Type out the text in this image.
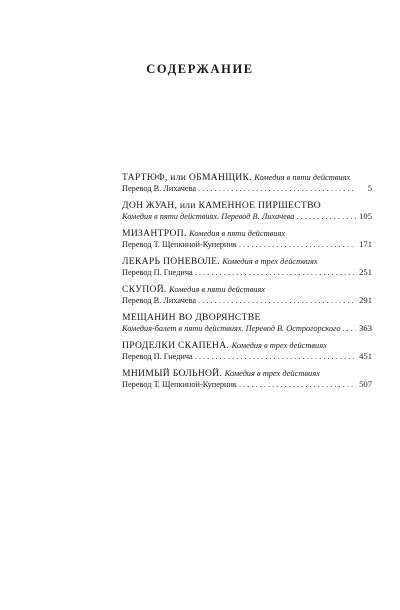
СОДЕРЖАНИЕ
ТАРТЮФ, или ОБМАНЩИК. Комедия в пяти действиях
Перевод В. Лихачева . . .	5
ДОН ЖУАН, или КАМЕННОЕ ПИРШЕСТВО
Комедия в пяти действиях. Перевод В. Лихачева . . .	105
МИЗАНТРОП. Комедия в пяти действиях
Перевод Т. Щепкиной-Куперник . . .	171
ЛЕКАРЬ ПОНЕВОЛЕ. Комедия в трех действиях
Перевод П. Гнедича . . .	251
СКУПОЙ. Комедия в пяти действиях
Перевод В. Лихачева . . .	291
МЕЩАНИН ВО ДВОРЯНСТВЕ
Комедия-балет в пяти действиях. Перевод В. Острогорского . . . 363
ПРОДЕЛКИ СКАПЕНА. Комедия в трех действиях
Перевод П. Гнедича . . .	451
МНИМЫЙ БОЛЬНОЙ. Комедия в трех действиях
Перевод Т. Щепкиной-Куперник . . .	507
